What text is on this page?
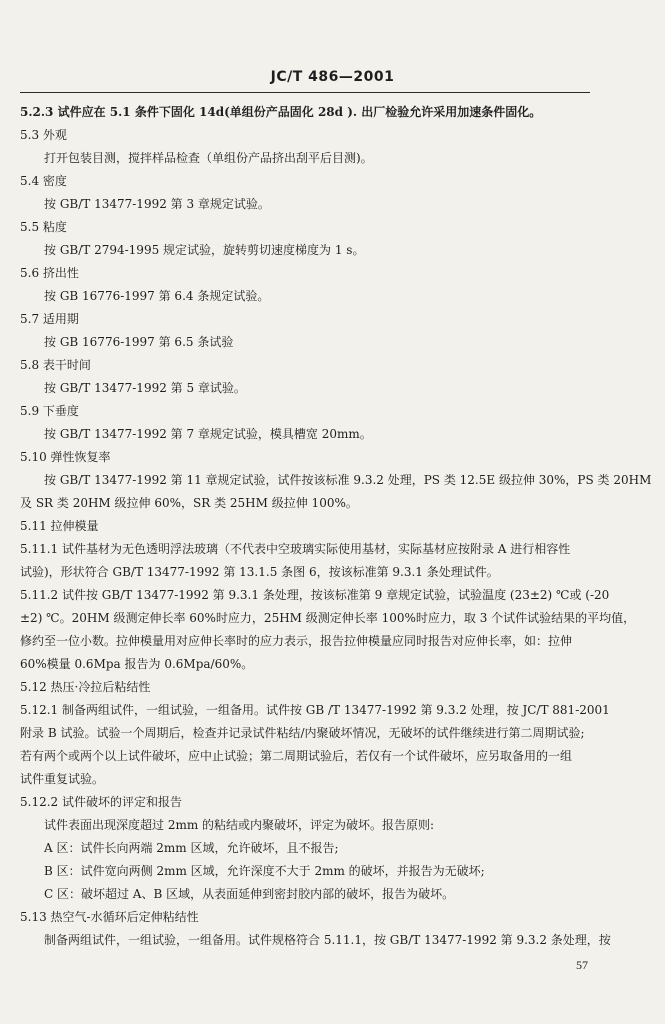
JC/T 486—2001
5.2.3 试件应在 5.1 条件下固化 14d(单组份产品固化 28d ). 出厂检验允许采用加速条件固化。
5.3 外观
打开包装目测，搅拌样品检查（单组份产品挤出刮平后目测)。
5.4 密度
按 GB/T 13477-1992 第 3 章规定试验。
5.5 粘度
按 GB/T 2794-1995 规定试验，旋转剪切速度梯度为 1 s。
5.6 挤出性
按 GB 16776-1997 第 6.4 条规定试验。
5.7 适用期
按 GB 16776-1997 第 6.5 条试验
5.8 表干时间
按 GB/T 13477-1992 第 5 章试验。
5.9 下垂度
按 GB/T 13477-1992 第 7 章规定试验，模具槽宽 20mm。
5.10 弹性恢复率
按 GB/T 13477-1992 第 11 章规定试验，试件按该标准 9.3.2 处理，PS 类 12.5E 级拉伸 30%，PS 类 20HM
及 SR 类 20HM 级拉伸 60%，SR 类 25HM 级拉伸 100%。
5.11 拉伸模量
5.11.1 试件基材为无色透明浮法玻璃（不代表中空玻璃实际使用基材，实际基材应按附录 A 进行相容性
试验)，形状符合 GB/T 13477-1992 第 13.1.5 条图 6，按该标准第 9.3.1 条处理试件。
5.11.2 试件按 GB/T 13477-1992 第 9.3.1 条处理，按该标准第 9 章规定试验，试验温度 (23±2) ℃或 (-20
±2) ℃。20HM 级测定伸长率 60%时应力，25HM 级测定伸长率 100%时应力，取 3 个试件试验结果的平均值，
修约至一位小数。拉伸模量用对应伸长率时的应力表示，报告拉伸模量应同时报告对应伸长率，如：拉伸
60%模量 0.6Mpa 报告为 0.6Mpa/60%。
5.12 热压·冷拉后粘结性
5.12.1 制备两组试件，一组试验，一组备用。试件按 GB /T 13477-1992 第 9.3.2 处理，按 JC/T 881-2001
附录 B 试验。试验一个周期后，检查并记录试件粘结/内聚破坏情况，无破坏的试件继续进行第二周期试验;
若有两个或两个以上试件破坏，应中止试验；第二周期试验后，若仅有一个试件破坏，应另取备用的一组
试件重复试验。
5.12.2 试件破坏的评定和报告
试件表面出现深度超过 2mm 的粘结或内聚破坏，评定为破坏。报告原则:
A 区：试件长向两端 2mm 区域，允许破坏，且不报告;
B 区：试件宽向两侧 2mm 区域，允许深度不大于 2mm 的破坏，并报告为无破坏;
C 区：破坏超过 A、B 区域，从表面延伸到密封胶内部的破坏，报告为破坏。
5.13 热空气-水循环后定伸粘结性
制备两组试件，一组试验，一组备用。试件规格符合 5.11.1，按 GB/T 13477-1992 第 9.3.2 条处理，按
57
